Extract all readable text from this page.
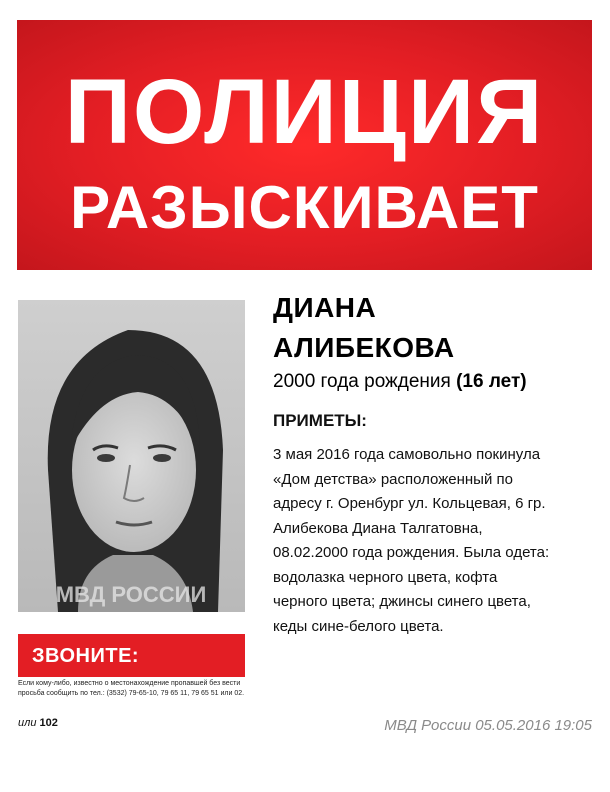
ПОЛИЦИЯ
РАЗЫСКИВАЕТ
МВД РОССИИ
ДИАНА
АЛИБЕКОВА
2000 года рождения (16 лет)
ПРИМЕТЫ:
3 мая 2016 года самовольно покинула
«Дом детства» расположенный по
адресу г. Оренбург ул. Кольцевая, 6 гр.
Алибекова Диана Талгатовна,
08.02.2000 года рождения. Была одета:
водолазка черного цвета, кофта
черного цвета; джинсы синего цвета,
кеды сине-белого цвета.
ЗВОНИТЕ:
Если кому-либо, известно о местонахождение пропавшей без вести
просьба сообщить по тел.: (3532) 79-65-10, 79 65 11, 79 65 51 или 02.
или 102	МВД России 05.05.2016 19:05
